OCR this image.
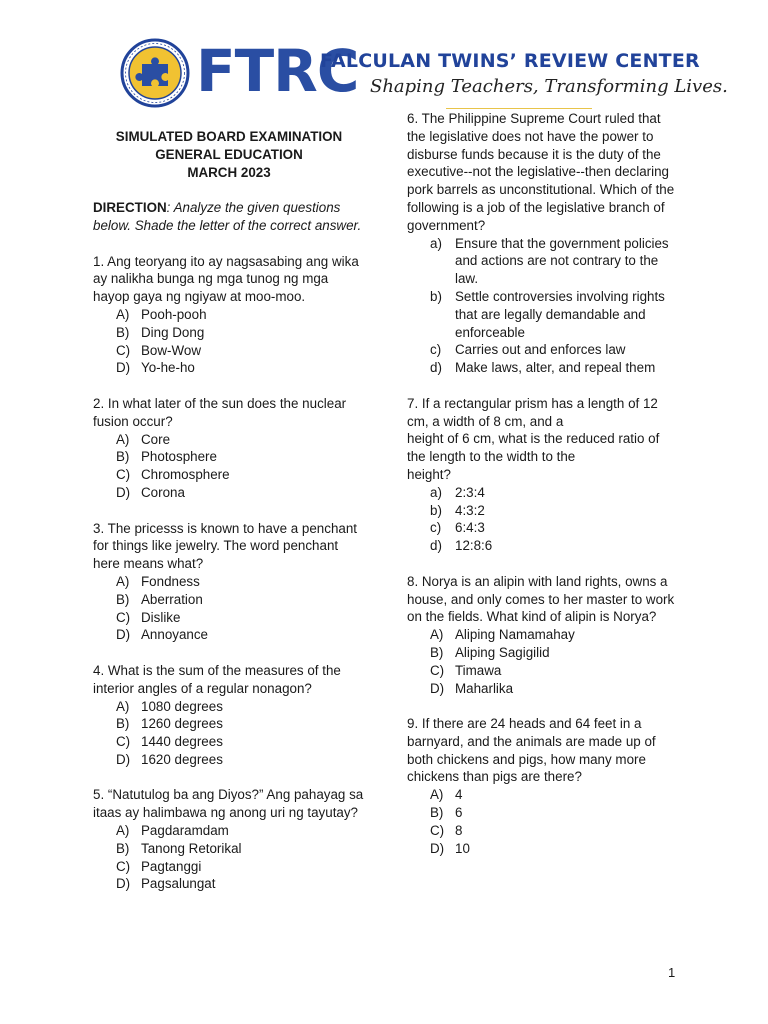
FTRC
FALCULAN TWINS’ REVIEW CENTER
Shaping Teachers, Transforming Lives.
SIMULATED BOARD EXAMINATION
GENERAL EDUCATION
MARCH 2023
DIRECTION: Analyze the given questions below. Shade the letter of the correct answer.

1. Ang teoryang ito ay nagsasabing ang wika ay nalikha bunga ng mga tunog ng mga hayop gaya ng ngiyaw at moo-moo.

A) Pooh-pooh
B) Ding Dong
C) Bow-Wow
D) Yo-he-ho

2. In what later of the sun does the nuclear fusion occur?

A) Core
B) Photosphere
C) Chromosphere
D) Corona

3. The pricesss is known to have a penchant for things like jewelry. The word penchant here means what?

A) Fondness
B) Aberration
C) Dislike
D) Annoyance

4. What is the sum of the measures of the interior angles of a regular nonagon?

A) 1080 degrees
B) 1260 degrees
C) 1440 degrees
D) 1620 degrees

5. “Natutulog ba ang Diyos?” Ang pahayag sa itaas ay halimbawa ng anong uri ng tayutay?

A) Pagdaramdam
B) Tanong Retorikal
C) Pagtanggi
D) Pagsalungat

6. The Philippine Supreme Court ruled that the legislative does not have the power to disburse funds because it is the duty of the executive--not the legislative--then declaring pork barrels as unconstitutional. Which of the following is a job of the legislative branch of government?

a) Ensure that the government policies and actions are not contrary to the law.
b) Settle controversies involving rights that are legally demandable and enforceable
c) Carries out and enforces law
d) Make laws, alter, and repeal them

7. If a rectangular prism has a length of 12 cm, a width of 8 cm, and a

height of 6 cm, what is the reduced ratio of the length to the width to the

height?

a) 2:3:4
b) 4:3:2
c) 6:4:3
d) 12:8:6

8. Norya is an alipin with land rights, owns a house, and only comes to her master to work on the fields. What kind of alipin is Norya?

A) Aliping Namamahay
B) Aliping Sagigilid
C) Timawa
D) Maharlika

9. If there are 24 heads and 64 feet in a barnyard, and the animals are made up of both chickens and pigs, how many more chickens than pigs are there?

A) 4
B) 6
C) 8
D) 10
1
